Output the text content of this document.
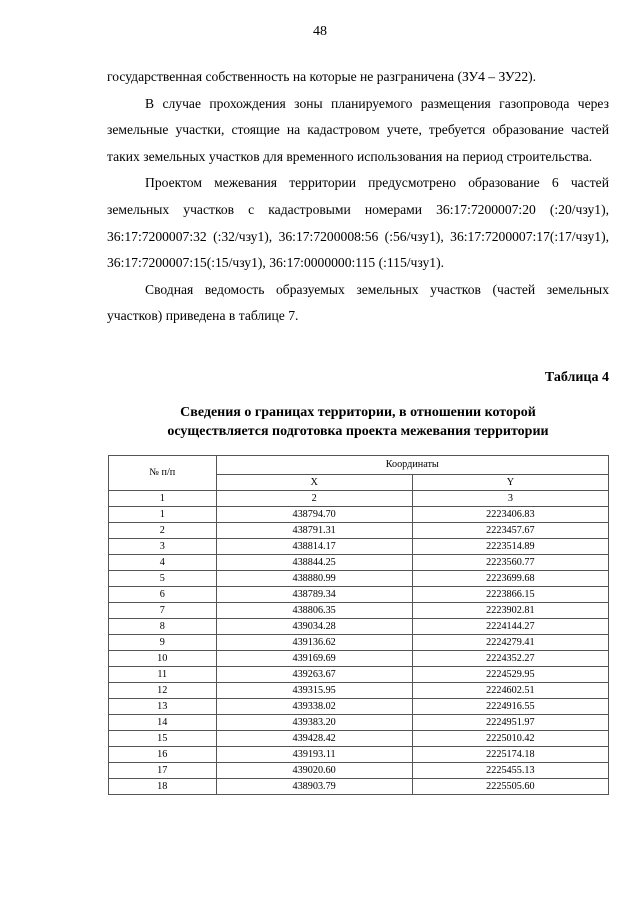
48

государственная собственность на которые не разграничена (ЗУ4 – ЗУ22).

В случае прохождения зоны планируемого размещения газопровода через земельные участки, стоящие на кадастровом учете, требуется образование частей таких земельных участков для временного использования на период строительства.

Проектом межевания территории предусмотрено образование 6 частей земельных участков с кадастровыми номерами 36:17:7200007:20 (:20/чзу1), 36:17:7200007:32 (:32/чзу1), 36:17:7200008:56 (:56/чзу1), 36:17:7200007:17(:17/чзу1), 36:17:7200007:15(:15/чзу1), 36:17:0000000:115 (:115/чзу1).

Сводная ведомость образуемых земельных участков (частей земельных участков) приведена в таблице 7.

Таблица 4
Сведения о границах территории, в отношении которой
осуществляется подготовка проекта межевания территории
№ п/п	Координаты	
	X	Y
1	2	3
1	438794.70	2223406.83
2	438791.31	2223457.67
3	438814.17	2223514.89
4	438844.25	2223560.77
5	438880.99	2223699.68
6	438789.34	2223866.15
7	438806.35	2223902.81
8	439034.28	2224144.27
9	439136.62	2224279.41
10	439169.69	2224352.27
11	439263.67	2224529.95
12	439315.95	2224602.51
13	439338.02	2224916.55
14	439383.20	2224951.97
15	439428.42	2225010.42
16	439193.11	2225174.18
17	439020.60	2225455.13
18	438903.79	2225505.60
